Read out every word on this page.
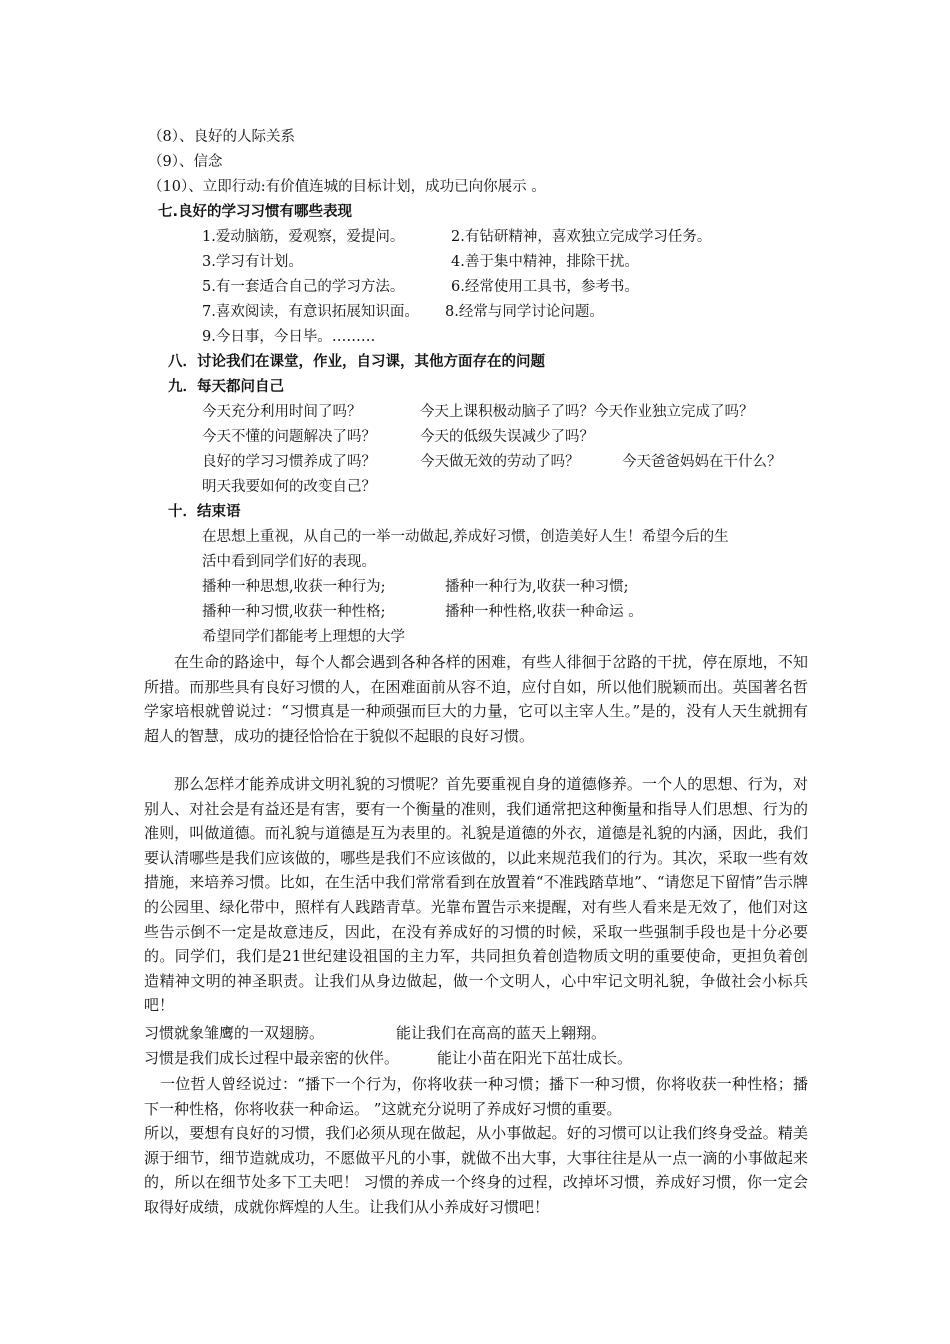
（8）、良好的人际关系
（9）、信念
（10）、立即行动:有价值连城的目标计划，成功已向你展示 。
七.良好的学习习惯有哪些表现
1.爱动脑筋，爱观察，爱提问。	2.有钻研精神，喜欢独立完成学习任务。
3.学习有计划。	4.善于集中精神，排除干扰。
5.有一套适合自己的学习方法。	6.经常使用工具书，参考书。
7.喜欢阅读，有意识拓展知识面。 8.经常与同学讨论问题。
9.今日事，今日毕。………
八．讨论我们在课堂，作业，自习课，其他方面存在的问题
九．每天都问自己
今天充分利用时间了吗？	今天上课积极动脑子了吗？今天作业独立完成了吗？
今天不懂的问题解决了吗？	今天的低级失误减少了吗？
良好的学习习惯养成了吗？	今天做无效的劳动了吗？	今天爸爸妈妈在干什么？
明天我要如何的改变自己？
十．结束语
在思想上重视，从自己的一举一动做起,养成好习惯，创造美好人生！希望今后的生
活中看到同学们好的表现。
播种一种思想,收获一种行为;	播种一种行为,收获一种习惯;
播种一种习惯,收获一种性格;	播种一种性格,收获一种命运 。
希望同学们都能考上理想的大学
在生命的路途中，每个人都会遇到各种各样的困难，有些人徘徊于岔路的干扰，停在原地，不知所措。而那些具有良好习惯的人，在困难面前从容不迫，应付自如，所以他们脱颖而出。英国著名哲学家培根就曾说过：“习惯真是一种顽强而巨大的力量，它可以主宰人生。”是的，没有人天生就拥有超人的智慧，成功的捷径恰恰在于貌似不起眼的良好习惯。
那么怎样才能养成讲文明礼貌的习惯呢？首先要重视自身的道德修养。一个人的思想、行为，对别人、对社会是有益还是有害，要有一个衡量的准则，我们通常把这种衡量和指导人们思想、行为的准则，叫做道德。而礼貌与道德是互为表里的。礼貌是道德的外衣，道德是礼貌的内涵，因此，我们要认清哪些是我们应该做的，哪些是我们不应该做的，以此来规范我们的行为。其次，采取一些有效措施，来培养习惯。比如，在生活中我们常常看到在放置着“不准践踏草地”、“请您足下留情”告示牌的公园里、绿化带中，照样有人践踏青草。光靠布置告示来提醒，对有些人看来是无效了，他们对这些告示倒不一定是故意违反，因此，在没有养成好的习惯的时候，采取一些强制手段也是十分必要的。同学们，我们是21世纪建设祖国的主力军，共同担负着创造物质文明的重要使命，更担负着创造精神文明的神圣职责。让我们从身边做起，做一个文明人，心中牢记文明礼貌，争做社会小标兵吧！
习惯就象雏鹰的一双翅膀。	能让我们在高高的蓝天上翱翔。
习惯是我们成长过程中最亲密的伙伴。	能让小苗在阳光下茁壮成长。
一位哲人曾经说过：“播下一个行为，你将收获一种习惯；播下一种习惯，你将收获一种性格；播下一种性格，你将收获一种命运。 ”这就充分说明了养成好习惯的重要。
所以，要想有良好的习惯，我们必须从现在做起，从小事做起。好的习惯可以让我们终身受益。精美源于细节，细节造就成功，不愿做平凡的小事，就做不出大事，大事往往是从一点一滴的小事做起来的，所以在细节处多下工夫吧！ 习惯的养成一个终身的过程，改掉坏习惯，养成好习惯，你一定会取得好成绩，成就你辉煌的人生。让我们从小养成好习惯吧！
